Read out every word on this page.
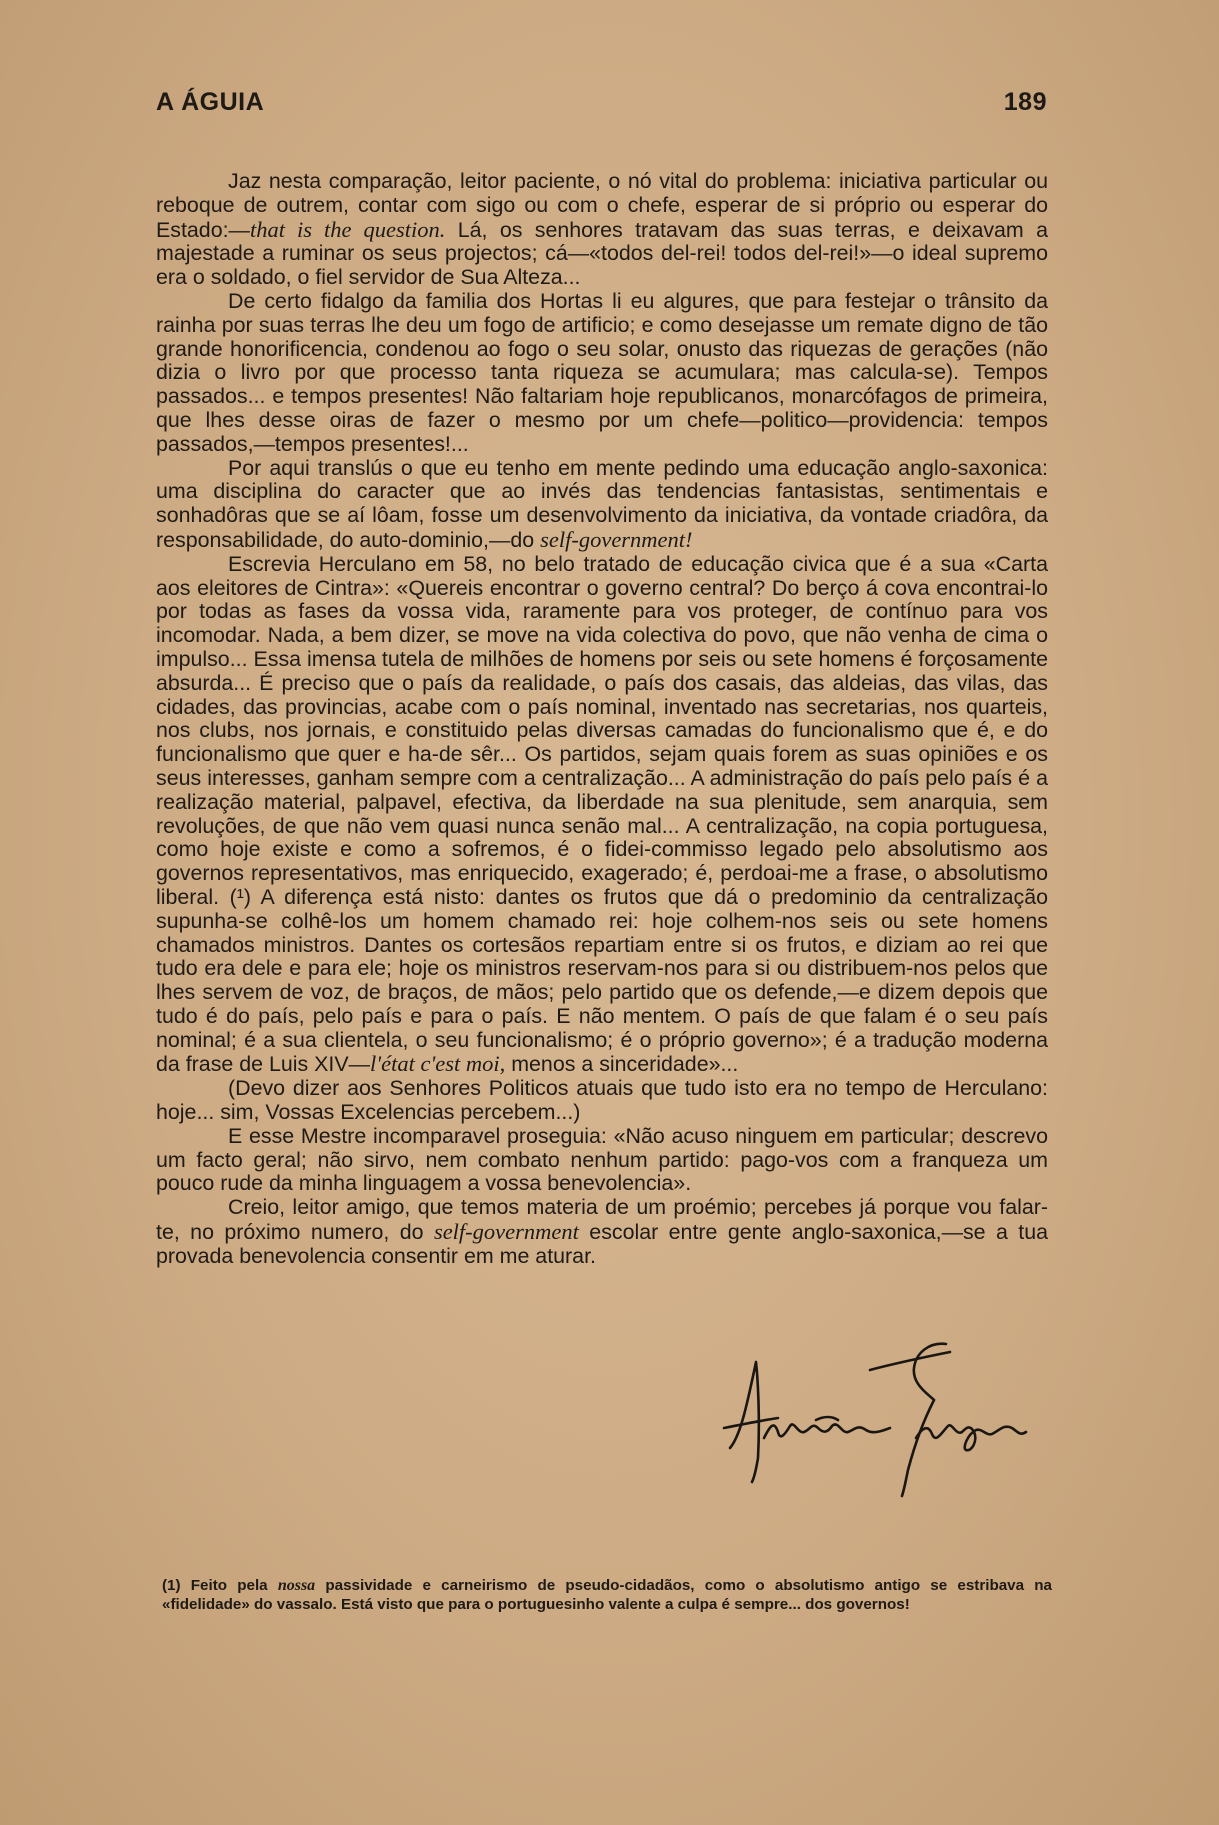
A ÁGUIA	189

Jaz nesta comparação, leitor paciente, o nó vital do problema: iniciativa particular ou reboque de outrem, contar com sigo ou com o chefe, esperar de si próprio ou esperar do Estado:—that is the question. Lá, os senhores tratavam das suas terras, e deixavam a majestade a ruminar os seus projectos; cá—«todos del-rei! todos del-rei!»—o ideal supremo era o soldado, o fiel servidor de Sua Alteza...

De certo fidalgo da familia dos Hortas li eu algures, que para festejar o trânsito da rainha por suas terras lhe deu um fogo de artificio; e como desejasse um remate digno de tão grande honorificencia, condenou ao fogo o seu solar, onusto das riquezas de gerações (não dizia o livro por que processo tanta riqueza se acumulara; mas calcula-se). Tempos passados... e tempos presentes! Não faltariam hoje republicanos, monarcófagos de primeira, que lhes desse oiras de fazer o mesmo por um chefe—politico—providencia: tempos passados,—tempos presentes!...

Por aqui translús o que eu tenho em mente pedindo uma educação anglo-saxonica: uma disciplina do caracter que ao invés das tendencias fantasistas, sentimentais e sonhadôras que se aí lôam, fosse um desenvolvimento da iniciativa, da vontade criadôra, da responsabilidade, do auto-dominio,—do self-government!

Escrevia Herculano em 58, no belo tratado de educação civica que é a sua «Carta aos eleitores de Cintra»: «Quereis encontrar o governo central? Do berço á cova encontrai-lo por todas as fases da vossa vida, raramente para vos proteger, de contínuo para vos incomodar. Nada, a bem dizer, se move na vida colectiva do povo, que não venha de cima o impulso... Essa imensa tutela de milhões de homens por seis ou sete homens é forçosamente absurda... É preciso que o país da realidade, o país dos casais, das aldeias, das vilas, das cidades, das provincias, acabe com o país nominal, inventado nas secretarias, nos quarteis, nos clubs, nos jornais, e constituido pelas diversas camadas do funcionalismo que é, e do funcionalismo que quer e ha-de sêr... Os partidos, sejam quais forem as suas opiniões e os seus interesses, ganham sempre com a centralização... A administração do país pelo país é a realização material, palpavel, efectiva, da liberdade na sua plenitude, sem anarquia, sem revoluções, de que não vem quasi nunca senão mal... A centralização, na copia portuguesa, como hoje existe e como a sofremos, é o fidei-commisso legado pelo absolutismo aos governos representativos, mas enriquecido, exagerado; é, perdoai-me a frase, o absolutismo liberal. (¹) A diferença está nisto: dantes os frutos que dá o predominio da centralização supunha-se colhê-los um homem chamado rei: hoje colhem-nos seis ou sete homens chamados ministros. Dantes os cortesãos repartiam entre si os frutos, e diziam ao rei que tudo era dele e para ele; hoje os ministros reservam-nos para si ou distribuem-nos pelos que lhes servem de voz, de braços, de mãos; pelo partido que os defende,—e dizem depois que tudo é do país, pelo país e para o país. E não mentem. O país de que falam é o seu país nominal; é a sua clientela, o seu funcionalismo; é o próprio governo»; é a tradução moderna da frase de Luis XIV—l'état c'est moi, menos a sinceridade»...

(Devo dizer aos Senhores Politicos atuais que tudo isto era no tempo de Herculano: hoje... sim, Vossas Excelencias percebem...)

E esse Mestre incomparavel proseguia: «Não acuso ninguem em particular; descrevo um facto geral; não sirvo, nem combato nenhum partido: pago-vos com a franqueza um pouco rude da minha linguagem a vossa benevolencia».

Creio, leitor amigo, que temos materia de um proémio; percebes já porque vou falar-te, no próximo numero, do self-government escolar entre gente anglo-saxonica,—se a tua provada benevolencia consentir em me aturar.

(1) Feito pela nossa passividade e carneirismo de pseudo-cidadãos, como o absolutismo antigo se estribava na «fidelidade» do vassalo. Está visto que para o portuguesinho valente a culpa é sempre... dos governos!
